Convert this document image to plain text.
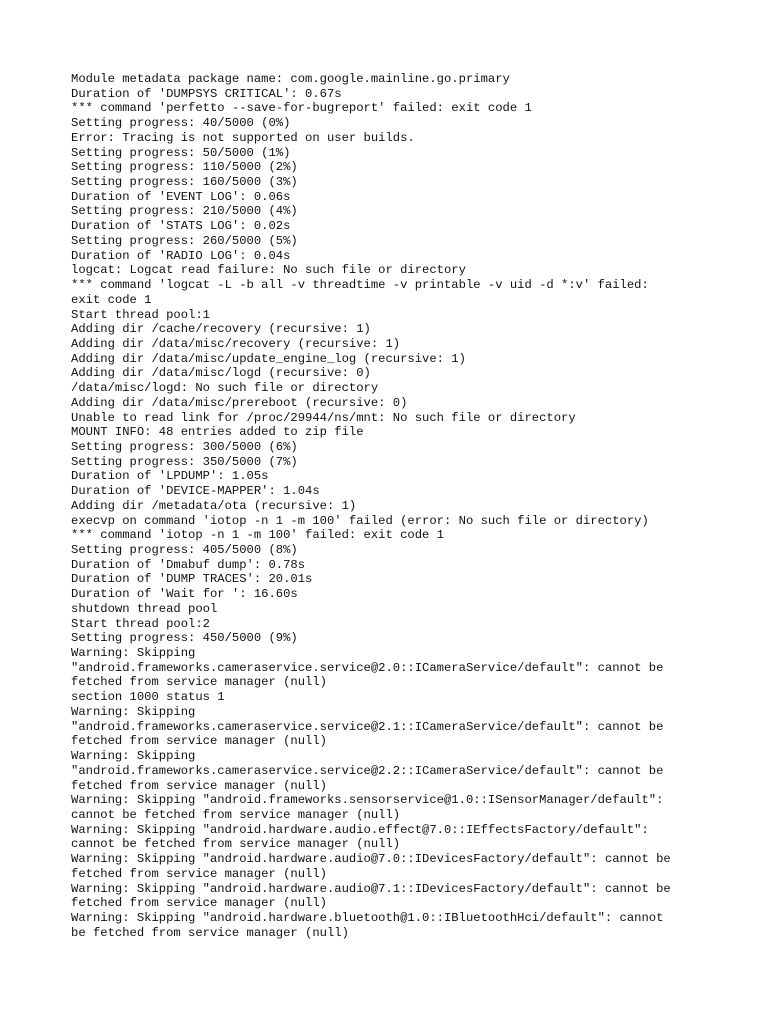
Module metadata package name: com.google.mainline.go.primary
Duration of 'DUMPSYS CRITICAL': 0.67s
*** command 'perfetto --save-for-bugreport' failed: exit code 1
Setting progress: 40/5000 (0%)
Error: Tracing is not supported on user builds.
Setting progress: 50/5000 (1%)
Setting progress: 110/5000 (2%)
Setting progress: 160/5000 (3%)
Duration of 'EVENT LOG': 0.06s
Setting progress: 210/5000 (4%)
Duration of 'STATS LOG': 0.02s
Setting progress: 260/5000 (5%)
Duration of 'RADIO LOG': 0.04s
logcat: Logcat read failure: No such file or directory
*** command 'logcat -L -b all -v threadtime -v printable -v uid -d *:v' failed:
exit code 1
Start thread pool:1
Adding dir /cache/recovery (recursive: 1)
Adding dir /data/misc/recovery (recursive: 1)
Adding dir /data/misc/update_engine_log (recursive: 1)
Adding dir /data/misc/logd (recursive: 0)
/data/misc/logd: No such file or directory
Adding dir /data/misc/prereboot (recursive: 0)
Unable to read link for /proc/29944/ns/mnt: No such file or directory
MOUNT INFO: 48 entries added to zip file
Setting progress: 300/5000 (6%)
Setting progress: 350/5000 (7%)
Duration of 'LPDUMP': 1.05s
Duration of 'DEVICE-MAPPER': 1.04s
Adding dir /metadata/ota (recursive: 1)
execvp on command 'iotop -n 1 -m 100' failed (error: No such file or directory)
*** command 'iotop -n 1 -m 100' failed: exit code 1
Setting progress: 405/5000 (8%)
Duration of 'Dmabuf dump': 0.78s
Duration of 'DUMP TRACES': 20.01s
Duration of 'Wait for ': 16.60s
shutdown thread pool
Start thread pool:2
Setting progress: 450/5000 (9%)
Warning: Skipping
"android.frameworks.cameraservice.service@2.0::ICameraService/default": cannot be
fetched from service manager (null)
section 1000 status 1
Warning: Skipping
"android.frameworks.cameraservice.service@2.1::ICameraService/default": cannot be
fetched from service manager (null)
Warning: Skipping
"android.frameworks.cameraservice.service@2.2::ICameraService/default": cannot be
fetched from service manager (null)
Warning: Skipping "android.frameworks.sensorservice@1.0::ISensorManager/default":
cannot be fetched from service manager (null)
Warning: Skipping "android.hardware.audio.effect@7.0::IEffectsFactory/default":
cannot be fetched from service manager (null)
Warning: Skipping "android.hardware.audio@7.0::IDevicesFactory/default": cannot be
fetched from service manager (null)
Warning: Skipping "android.hardware.audio@7.1::IDevicesFactory/default": cannot be
fetched from service manager (null)
Warning: Skipping "android.hardware.bluetooth@1.0::IBluetoothHci/default": cannot
be fetched from service manager (null)
